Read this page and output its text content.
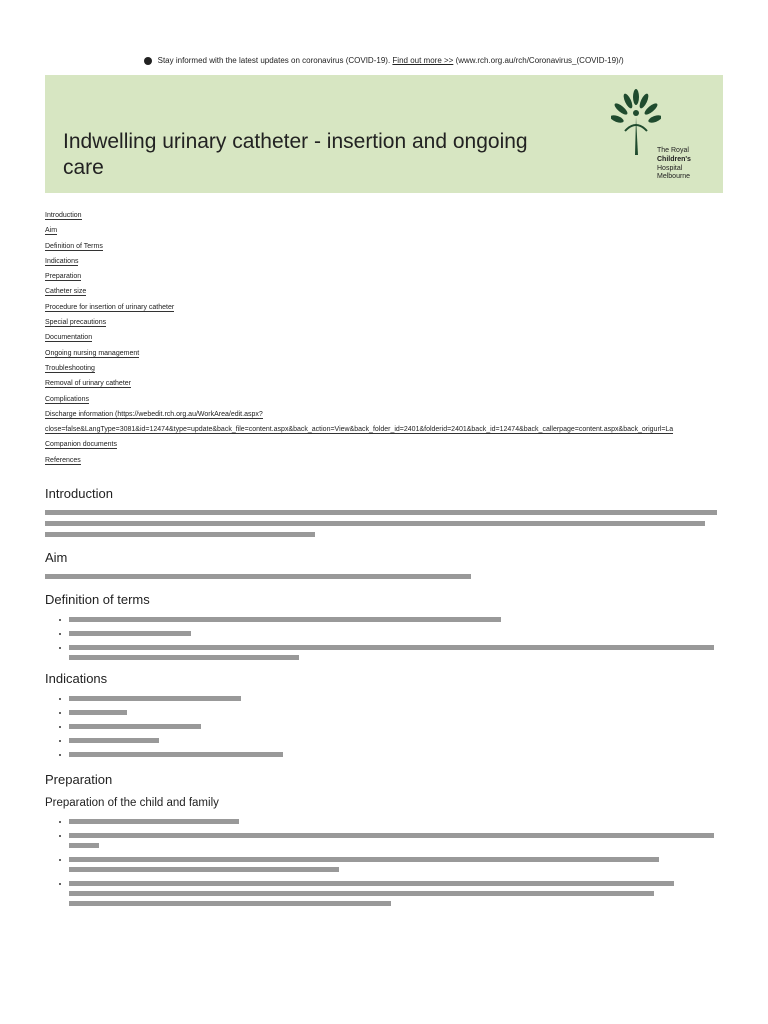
Stay informed with the latest updates on coronavirus (COVID-19). Find out more >> (www.rch.org.au/rch/Coronavirus_(COVID-19)/)
Indwelling urinary catheter - insertion and ongoing care
The Royal
Children's
Hospital
Melbourne
Introduction
Aim
Definition of Terms
Indications
Preparation
Catheter size
Procedure for insertion of urinary catheter
Special precautions
Documentation
Ongoing nursing management
Troubleshooting
Removal of urinary catheter
Complications
Discharge information (https://webedit.rch.org.au/WorkArea/edit.aspx?
close=false&LangType=3081&id=12474&type=update&back_file=content.aspx&back_action=View&back_folder_id=2401&folderid=2401&back_id=12474&back_callerpage=content.aspx&back_origurl=La
Companion documents
References
Introduction

Aim
Definition of terms
•
•
•

Indications
•
•
•
•
•
Preparation
Preparation of the child and family
•
•

•

•
